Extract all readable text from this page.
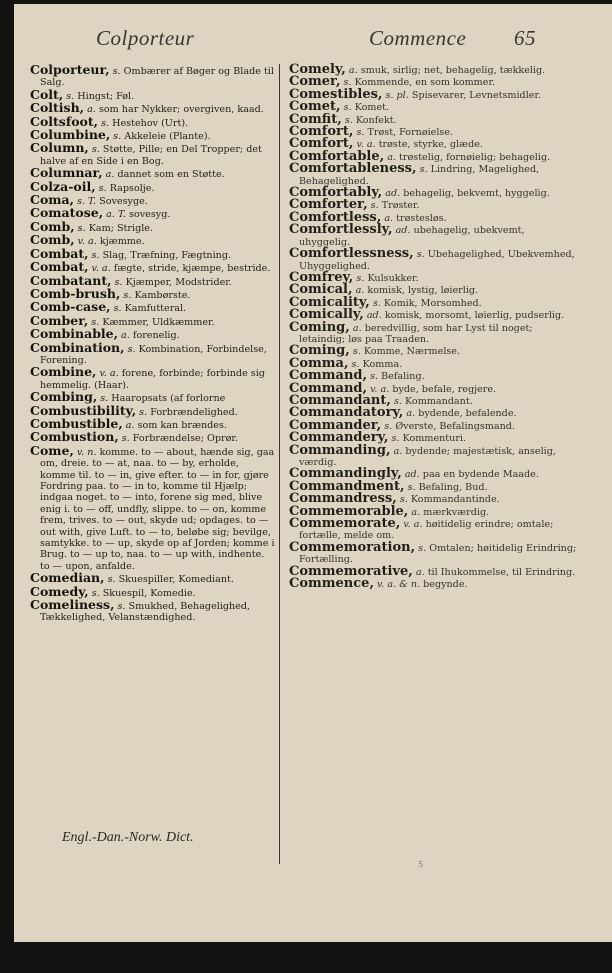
Colporteur	Commence 65

Colporteur, s. Ombærer af Bøger og Blade til Salg.

Colt, s. Hingst; Føl.

Coltish, a. som har Nykker; overgiven, kaad.

Coltsfoot, s. Hestehov (Urt).

Columbine, s. Akkeleie (Plante).

Column, s. Støtte, Pille; en Del Tropper; det halve af en Side i en Bog.

Columnar, a. dannet som en Støtte.

Colza-oil, s. Rapsolje.

Coma, s. T. Sovesyge.

Comatose, a. T. sovesyg.

Comb, s. Kam; Strigle.

Comb, v. a. kjæmme.

Combat, s. Slag, Træfning, Fægtning.

Combat, v. a. fægte, stride, kjæmpe, bestride.

Combatant, s. Kjæmper, Modstrider.

Comb-brush, s. Kambørste.

Comb-case, s. Kamfutteral.

Comber, s. Kæmmer, Uldkæmmer.

Combinable, a. forenelig.

Combination, s. Kombination, Forbindelse, Forening.

Combine, v. a. forene, forbinde; forbinde sig hemmelig. (Haar).

Combing, s. Haaropsats (af forlorne

Combustibility, s. Forbrændelighed.

Combustible, a. som kan brændes.

Combustion, s. Forbrændelse; Oprør.

Come, v. n. komme. to — about, hænde sig, gaa om, dreie. to — at, naa. to — by, erholde, komme til. to — in, give efter. to — in for, gjøre Fordring paa. to — in to, komme til Hjælp; indgaa noget. to — into, forene sig med, blive enig i. to — off, undfly, slippe. to — on, komme frem, trives. to — out, skyde ud; opdages. to — out with, give Luft. to — to, beløbe sig; bevilge, samtykke. to — up, skyde op af Jorden; komme i Brug. to — up to, naa. to — up with, indhente. to — upon, anfalde.

Comedian, s. Skuespiller, Komediant.

Comedy, s. Skuespil, Komedie.

Comeliness, s. Smukhed, Behagelighed, Tækkelighed, Velanstændighed.

Comely, a. smuk, sirlig; net, behagelig, tækkelig.

Comer, s. Kommende, en som kommer.

Comestibles, s. pl. Spisevarer, Levnetsmidler.

Comet, s. Komet.

Comfit, s. Konfekt.

Comfort, s. Trøst, Fornøielse.

Comfort, v. a. trøste, styrke, glæde.

Comfortable, a. trøstelig, fornøielig; behagelig.

Comfortableness, s. Lindring, Magelighed, Behagelighed.

Comfortably, ad. behagelig, bekvemt, hyggelig.

Comforter, s. Trøster.

Comfortless, a. trøstesløs.

Comfortlessly, ad. ubehagelig, ubekvemt, uhyggelig.

Comfortlessness, s. Ubehagelighed, Ubekvemhed, Uhyggelighed.

Comfrey, s. Kulsukker.

Comical, a. komisk, lystig, løierlig.

Comicality, s. Komik, Morsomhed.

Comically, ad. komisk, morsomt, løierlig, pudserlig.

Coming, a. beredvillig, som har Lyst til noget; letaindig; løs paa Traaden.

Coming, s. Komme, Nærmelse.

Comma, s. Komma.

Command, s. Befaling.

Command, v. a. byde, befale, regjere.

Commandant, s. Kommandant.

Commandatory, a. bydende, befalende.

Commander, s. Øverste, Befalingsmand.

Commandery, s. Kommenturi.

Commanding, a. bydende; majestætisk, anselig, værdig.

Commandingly, ad. paa en bydende Maade.

Commandment, s. Befaling, Bud.

Commandress, s. Kommandantinde.

Commemorable, a. mærkværdig.

Commemorate, v. a. høitidelig erindre; omtale; fortælle, melde om.

Commemoration, s. Omtalen; høitidelig Erindring; Fortælling.

Commemorative, a. til Ihukommelse, til Erindring.

Commence, v. a. & n. begynde.

Engl.-Dan.-Norw. Dict.
5
